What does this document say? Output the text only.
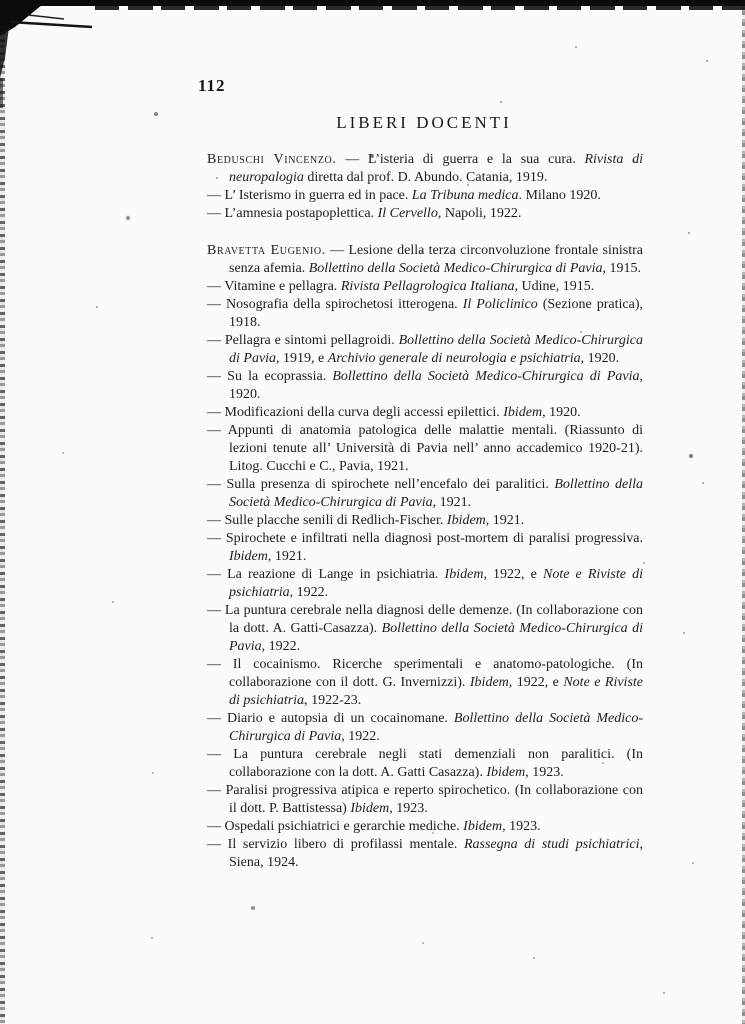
112
LIBERI DOCENTI
Beduschi Vincenzo. — L’isteria di guerra e la sua cura. Rivista di neuropalogia diretta dal prof. D. Abundo. Catania, 1919.
— L’ Isterismo in guerra ed in pace. La Tribuna medica. Milano 1920.
— L’amnesia postapoplettica. Il Cervello, Napoli, 1922.
Bravetta Eugenio. — Lesione della terza circonvoluzione frontale sinistra senza afemia. Bollettino della Società Medico-Chirurgica di Pavia, 1915.
— Vitamine e pellagra. Rivista Pellagrologica Italiana, Udine, 1915.
— Nosografia della spirochetosi itterogena. Il Policlinico (Sezione pratica), 1918.
— Pellagra e sintomi pellagroidi. Bollettino della Società Medico-Chirurgica di Pavia, 1919, e Archivio generale di neurologia e psichiatria, 1920.
— Su la ecoprassia. Bollettino della Società Medico-Chirurgica di Pavia, 1920.
— Modificazioni della curva degli accessi epilettici. Ibidem, 1920.
— Appunti di anatomia patologica delle malattie mentali. (Riassunto di lezioni tenute all’ Università di Pavia nell’ anno accademico 1920-21). Litog. Cucchi e C., Pavia, 1921.
— Sulla presenza di spirochete nell’encefalo dei paralitici. Bollettino della Società Medico-Chirurgica di Pavia, 1921.
— Sulle placche senili di Redlich-Fischer. Ibidem, 1921.
— Spirochete e infiltrati nella diagnosi post-mortem di paralisi progressiva. Ibidem, 1921.
— La reazione di Lange in psichiatria. Ibidem, 1922, e Note e Riviste di psichiatria, 1922.
— La puntura cerebrale nella diagnosi delle demenze. (In collaborazione con la dott. A. Gatti-Casazza). Bollettino della Società Medico-Chirurgica di Pavia, 1922.
— Il cocainismo. Ricerche sperimentali e anatomo-patologiche. (In collaborazione con il dott. G. Invernizzi). Ibidem, 1922, e Note e Riviste di psichiatria, 1922-23.
— Diario e autopsia di un cocainomane. Bollettino della Società Medico-Chirurgica di Pavia, 1922.
— La puntura cerebrale negli stati demenziali non paralitici. (In collaborazione con la dott. A. Gatti Casazza). Ibidem, 1923.
— Paralisi progressiva atipica e reperto spirochetico. (In collaborazione con il dott. P. Battistessa) Ibidem, 1923.
— Ospedali psichiatrici e gerarchie mediche. Ibidem, 1923.
— Il servizio libero di profilassi mentale. Rassegna di studi psichiatrici, Siena, 1924.
